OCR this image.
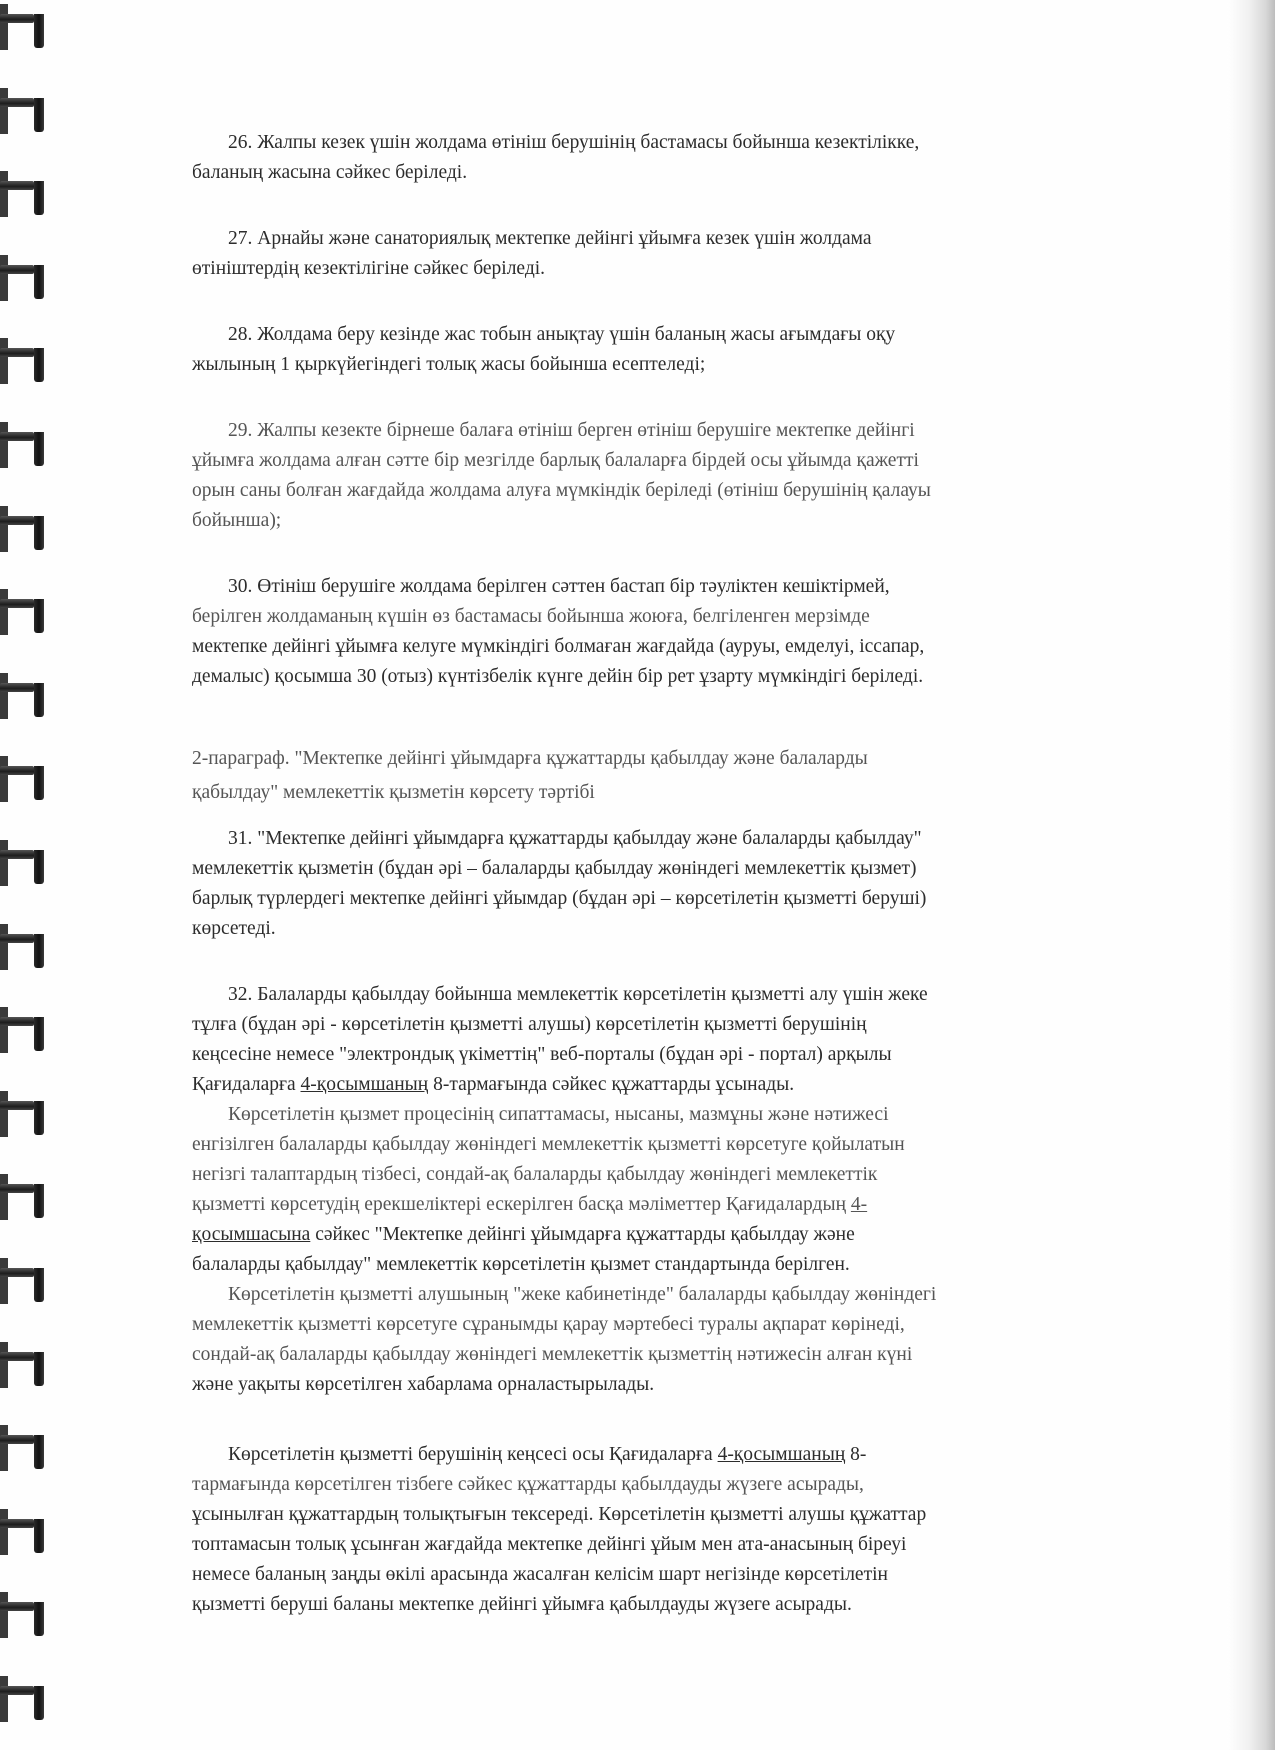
26. Жалпы кезек үшін жолдама өтініш берушінің бастамасы бойынша кезектілікке,
баланың жасына сәйкес беріледі.
27. Арнайы және санаториялық мектепке дейінгі ұйымға кезек үшін жолдама
өтініштердің кезектілігіне сәйкес беріледі.
28. Жолдама беру кезінде жас тобын анықтау үшін баланың жасы ағымдағы оқу
жылының 1 қыркүйегіндегі толық жасы бойынша есептеледі;
29. Жалпы кезекте бірнеше балаға өтініш берген өтініш берушіге мектепке дейінгі
ұйымға жолдама алған сәтте бір мезгілде барлық балаларға бірдей осы ұйымда қажетті
орын саны болған жағдайда жолдама алуға мүмкіндік беріледі (өтініш берушінің қалауы
бойынша);
30. Өтініш берушіге жолдама берілген сәттен бастап бір тәуліктен кешіктірмей,
берілген жолдаманың күшін өз бастамасы бойынша жоюға, белгіленген мерзімде
мектепке дейінгі ұйымға келуге мүмкіндігі болмаған жағдайда (ауруы, емделуі, іссапар,
демалыс) қосымша 30 (отыз) күнтізбелік күнге дейін бір рет ұзарту мүмкіндігі беріледі.
2-параграф. "Мектепке дейінгі ұйымдарға құжаттарды қабылдау және балаларды
қабылдау" мемлекеттік қызметін көрсету тәртібі
31. "Мектепке дейінгі ұйымдарға құжаттарды қабылдау және балаларды қабылдау"
мемлекеттік қызметін (бұдан әрі – балаларды қабылдау жөніндегі мемлекеттік қызмет)
барлық түрлердегі мектепке дейінгі ұйымдар (бұдан әрі – көрсетілетін қызметті беруші)
көрсетеді.
32. Балаларды қабылдау бойынша мемлекеттік көрсетілетін қызметті алу үшін жеке
тұлға (бұдан әрі - көрсетілетін қызметті алушы) көрсетілетін қызметті берушінің
кеңсесіне немесе "электрондық үкіметтің" веб-порталы (бұдан әрі - портал) арқылы
Қағидаларға 4-қосымшаның 8-тармағында сәйкес құжаттарды ұсынады.
Көрсетілетін қызмет процесінің сипаттамасы, нысаны, мазмұны және нәтижесі
енгізілген балаларды қабылдау жөніндегі мемлекеттік қызметті көрсетуге қойылатын
негізгі талаптардың тізбесі, сондай-ақ балаларды қабылдау жөніндегі мемлекеттік
қызметті көрсетудің ерекшеліктері ескерілген басқа мәліметтер Қағидалардың 4-
қосымшасына сәйкес "Мектепке дейінгі ұйымдарға құжаттарды қабылдау және
балаларды қабылдау" мемлекеттік көрсетілетін қызмет стандартында берілген.
Көрсетілетін қызметті алушының "жеке кабинетінде" балаларды қабылдау жөніндегі
мемлекеттік қызметті көрсетуге сұранымды қарау мәртебесі туралы ақпарат көрінеді,
сондай-ақ балаларды қабылдау жөніндегі мемлекеттік қызметтің нәтижесін алған күні
және уақыты көрсетілген хабарлама орналастырылады.
Көрсетілетін қызметті берушінің кеңсесі осы Қағидаларға 4-қосымшаның 8-
тармағында көрсетілген тізбеге сәйкес құжаттарды қабылдауды жүзеге асырады,
ұсынылған құжаттардың толықтығын тексереді. Көрсетілетін қызметті алушы құжаттар
топтамасын толық ұсынған жағдайда мектепке дейінгі ұйым мен ата-анасының біреуі
немесе баланың заңды өкілі арасында жасалған келісім шарт негізінде көрсетілетін
қызметті беруші баланы мектепке дейінгі ұйымға қабылдауды жүзеге асырады.
